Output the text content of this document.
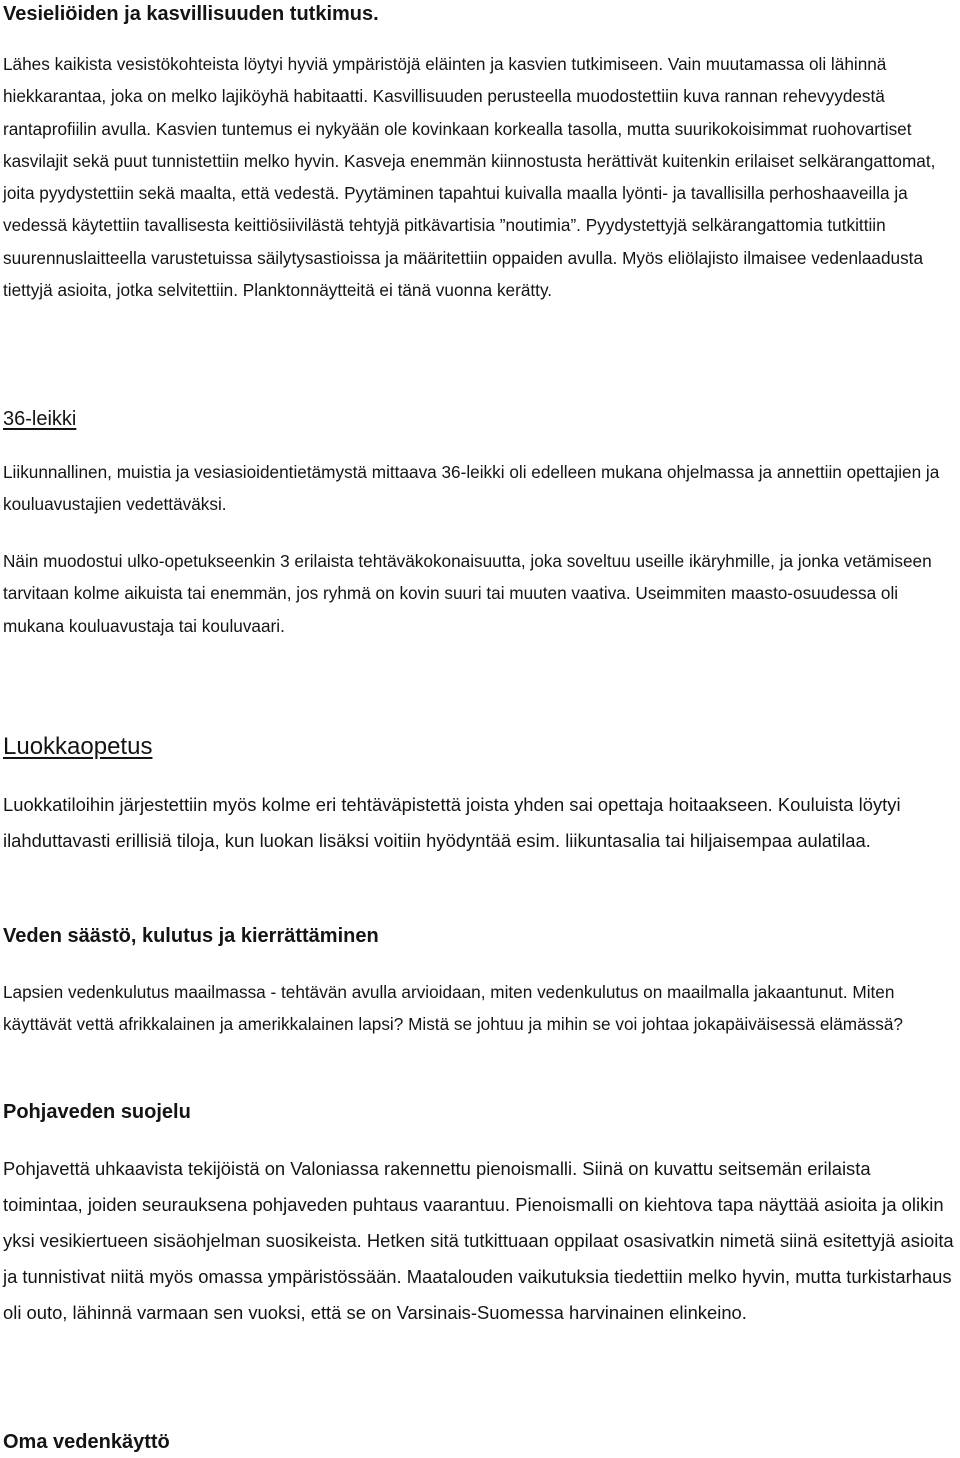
Vesieliöiden ja kasvillisuuden tutkimus.

Lähes kaikista vesistökohteista löytyi hyviä ympäristöjä eläinten ja kasvien tutkimiseen. Vain muutamassa oli lähinnä hiekkarantaa, joka on melko lajiköyhä habitaatti. Kasvillisuuden perusteella muodostettiin kuva rannan rehevyydestä rantaprofiilin avulla. Kasvien tuntemus ei nykyään ole kovinkaan korkealla tasolla, mutta suurikokoisimmat ruohovartiset kasvilajit sekä puut tunnistettiin melko hyvin. Kasveja enemmän kiinnostusta herättivät kuitenkin erilaiset selkärangattomat, joita pyydystettiin sekä maalta, että vedestä. Pyytäminen tapahtui kuivalla maalla lyönti- ja tavallisilla perhoshaaveilla ja vedessä käytettiin tavallisesta keittiösiivilästä tehtyjä pitkävartisia ”noutimia”. Pyydystettyjä selkärangattomia tutkittiin suurennuslaitteella varustetuissa säilytysastioissa ja määritettiin oppaiden avulla. Myös eliölajisto ilmaisee vedenlaadusta tiettyjä asioita, jotka selvitettiin. Planktonnäytteitä ei tänä vuonna kerätty.

36-leikki

Liikunnallinen, muistia ja vesiasioidentietämystä mittaava 36-leikki oli edelleen mukana ohjelmassa ja annettiin opettajien ja kouluavustajien vedettäväksi.

Näin muodostui ulko-opetukseenkin 3 erilaista tehtäväkokonaisuutta, joka soveltuu useille ikäryhmille, ja jonka vetämiseen tarvitaan kolme aikuista tai enemmän, jos ryhmä on kovin suuri tai muuten vaativa. Useimmiten maasto-osuudessa oli mukana kouluavustaja tai kouluvaari.

Luokkaopetus

Luokkatiloihin järjestettiin myös kolme eri tehtäväpistettä joista yhden sai opettaja hoitaakseen. Kouluista löytyi ilahduttavasti erillisiä tiloja, kun luokan lisäksi voitiin hyödyntää esim. liikuntasalia tai hiljaisempaa aulatilaa.

Veden säästö, kulutus ja kierrättäminen

Lapsien vedenkulutus maailmassa - tehtävän avulla arvioidaan, miten vedenkulutus on maailmalla jakaantunut. Miten käyttävät vettä afrikkalainen ja amerikkalainen lapsi? Mistä se johtuu ja mihin se voi johtaa jokapäiväisessä elämässä?

Pohjaveden suojelu

Pohjavettä uhkaavista tekijöistä on Valoniassa rakennettu pienoismalli. Siinä on kuvattu seitsemän erilaista toimintaa, joiden seurauksena pohjaveden puhtaus vaarantuu. Pienoismalli on kiehtova tapa näyttää asioita ja olikin yksi vesikiertueen sisäohjelman suosikeista. Hetken sitä tutkittuaan oppilaat osasivatkin nimetä siinä esitettyjä asioita ja tunnistivat niitä myös omassa ympäristössään. Maatalouden vaikutuksia tiedettiin melko hyvin, mutta turkistarhaus oli outo, lähinnä varmaan sen vuoksi, että se on Varsinais-Suomessa harvinainen elinkeino.

Oma vedenkäyttö
